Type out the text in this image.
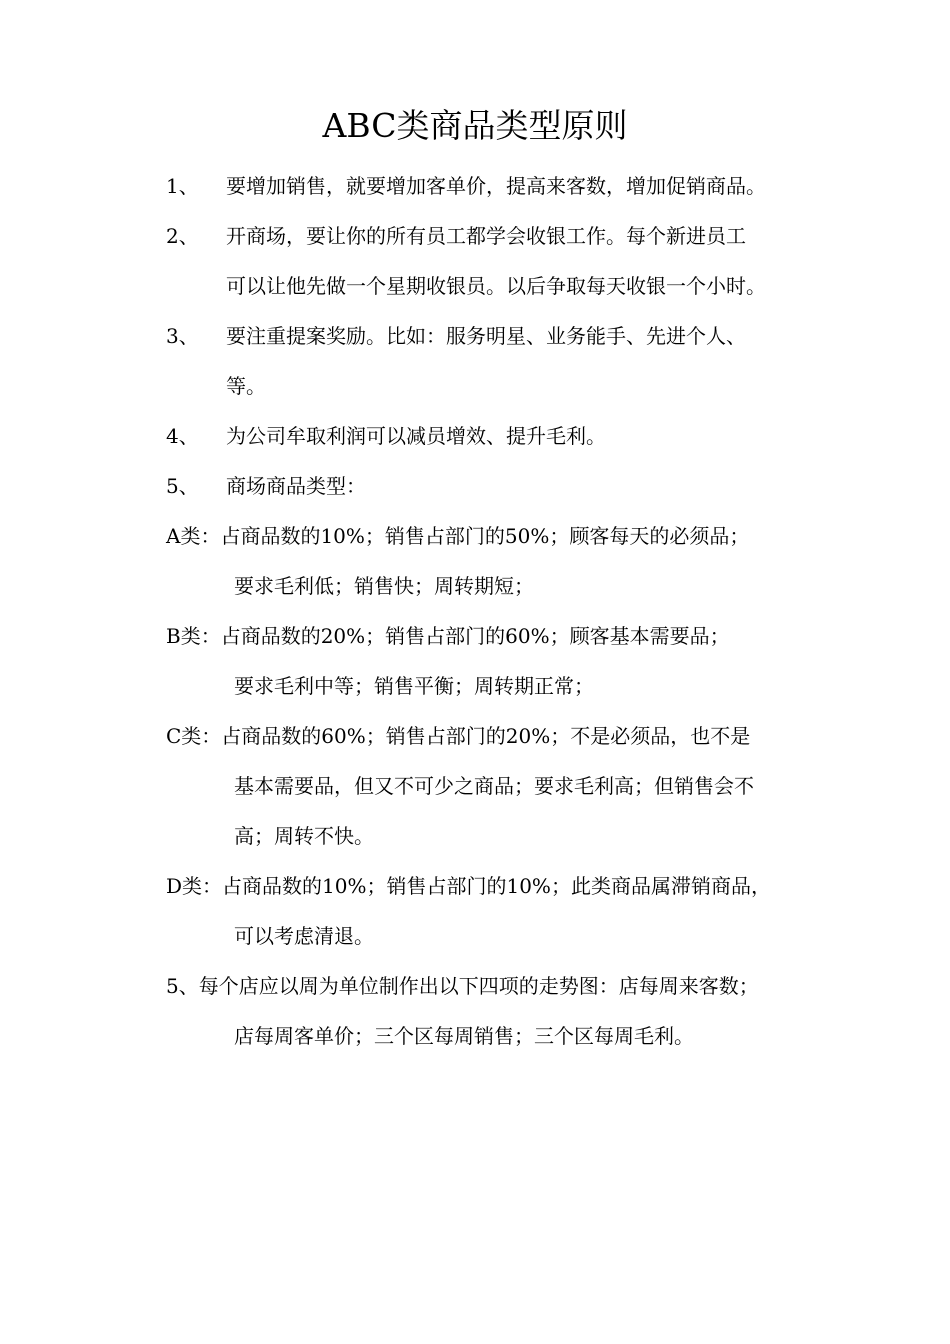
ABC类商品类型原则
1、 要增加销售，就要增加客单价，提高来客数，增加促销商品。
2、 开商场，要让你的所有员工都学会收银工作。每个新进员工
可以让他先做一个星期收银员。以后争取每天收银一个小时。
3、 要注重提案奖励。比如：服务明星、业务能手、先进个人、
等。
4、 为公司牟取利润可以减员增效、提升毛利。
5、 商场商品类型：
A类：占商品数的10%；销售占部门的50%；顾客每天的必须品；
要求毛利低；销售快；周转期短；
B类：占商品数的20%；销售占部门的60%；顾客基本需要品；
要求毛利中等；销售平衡；周转期正常；
C类：占商品数的60%；销售占部门的20%；不是必须品，也不是
基本需要品，但又不可少之商品；要求毛利高；但销售会不
高；周转不快。
D类：占商品数的10%；销售占部门的10%；此类商品属滞销商品，
可以考虑清退。
5、每个店应以周为单位制作出以下四项的走势图：店每周来客数；
店每周客单价；三个区每周销售；三个区每周毛利。
